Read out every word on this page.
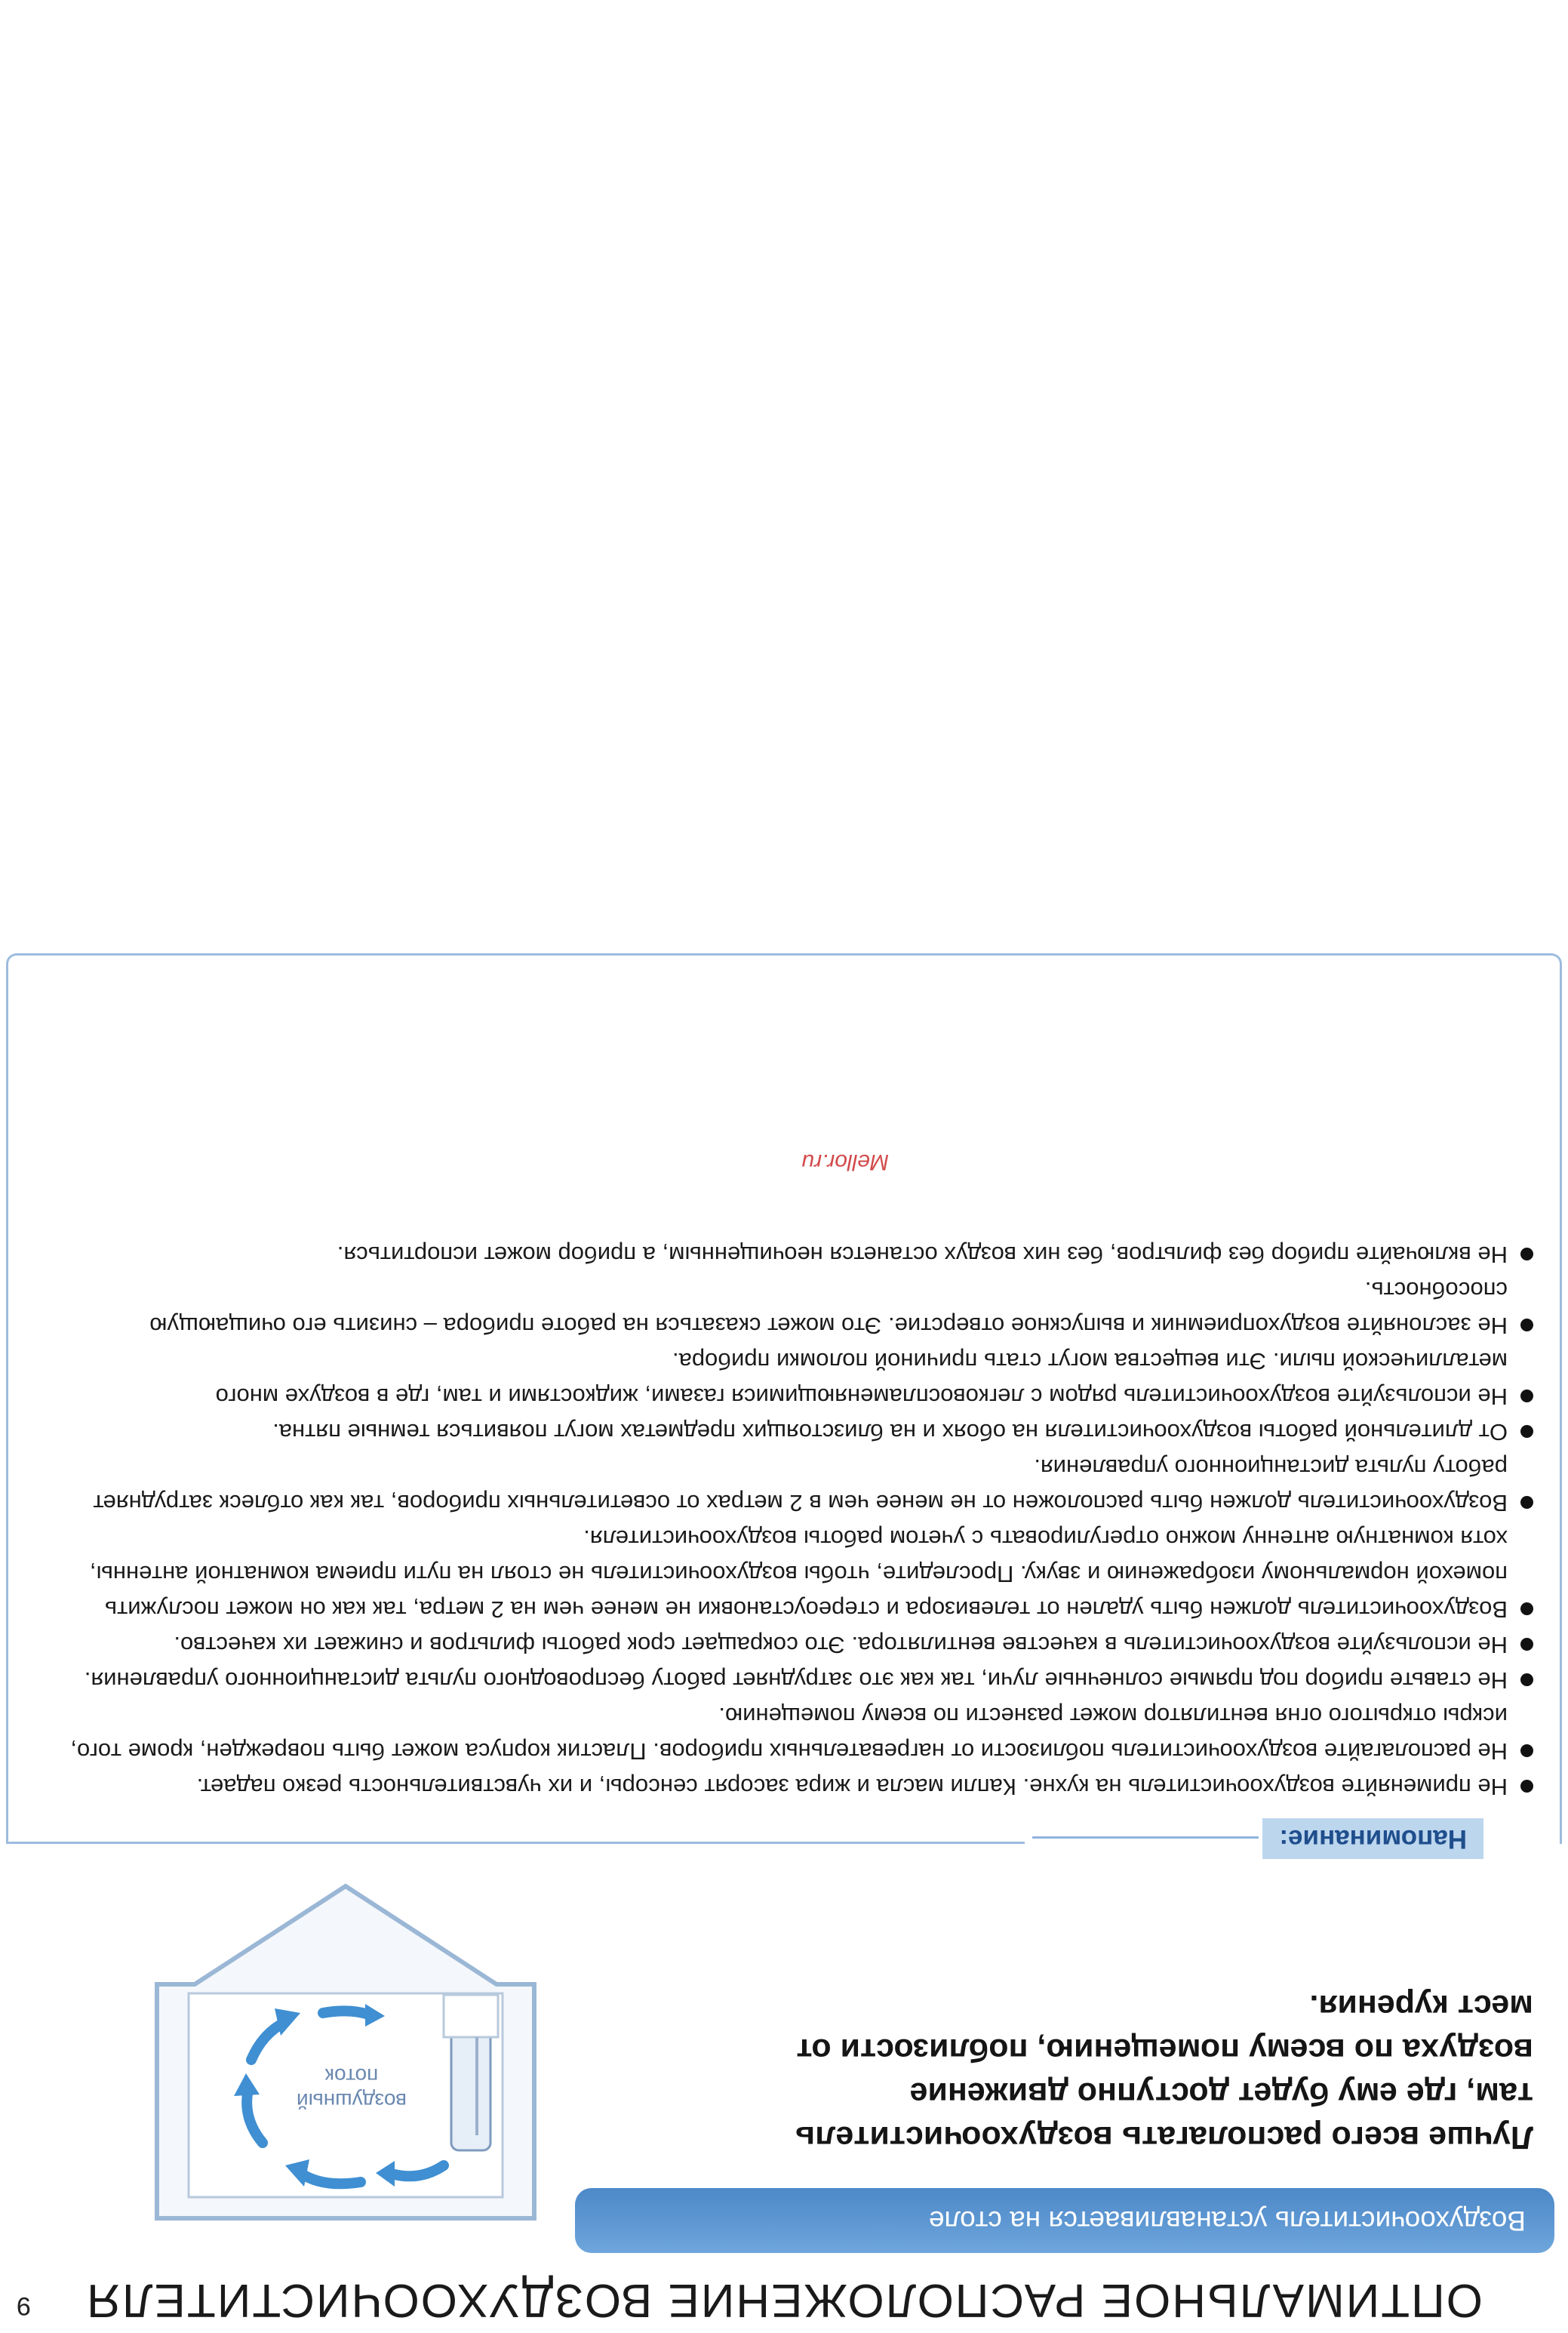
9	ОПТИМАЛЬНОЕ РАСПОЛОЖЕНИЕ ВОЗДУХООЧИСТИТЕЛЯ
Воздухоочиститель устанавливается на столе
Лучше всего располагать воздухоочиститель там, где ему будет доступно движение воздуха по всему помещению, поблизости от мест курения.
воздушный
поток
Напоминание:
Не применяйте воздухоочиститель на кухне. Капли масла и жира засорят сенсоры, и их чувствительность резко падает.
Не располагайте воздухоочиститель поблизости от нагревательных приборов. Пластик корпуса может быть поврежден, кроме того, искры открытого огня вентилятор может разнести по всему помещению.
Не ставьте прибор под прямые солнечные лучи, так как это затрудняет работу беспроводного пульта дистанционного управления.
Не используйте воздухоочиститель в качестве вентилятора. Это сокращает срок работы фильтров и снижает их качество.
Воздухоочиститель должен быть удален от телевизора и стереоустановки не менее чем на 2 метра, так как он может послужить помехой нормальному изображению и звуку. Проследите, чтобы воздухоочиститель не стоял на пути приема комнатной антенны, хотя комнатную антенну можно отрегулировать с учетом работы воздухоочистителя.
Воздухоочиститель должен быть расположен от не менее чем в 2 метрах от осветительных приборов, так как отблеск затрудняет работу пульта дистанционного управления.
От длительной работы воздухоочистителя на обоях и на близстоящих предметах могут появиться темные пятна.
Не используйте воздухоочиститель рядом с легковоспламеняющимися газами, жидкостями и там, где в воздухе много металлической пыли. Эти вещества могут стать причиной поломки прибора.
Не заслоняйте воздухоприемник и выпускное отверстие. Это может сказаться на работе прибора – снизить его очищающую способность.
Не включайте прибор без фильтров, без них воздух останется неочищенным, а прибор может испортиться.
Mellor.ru
